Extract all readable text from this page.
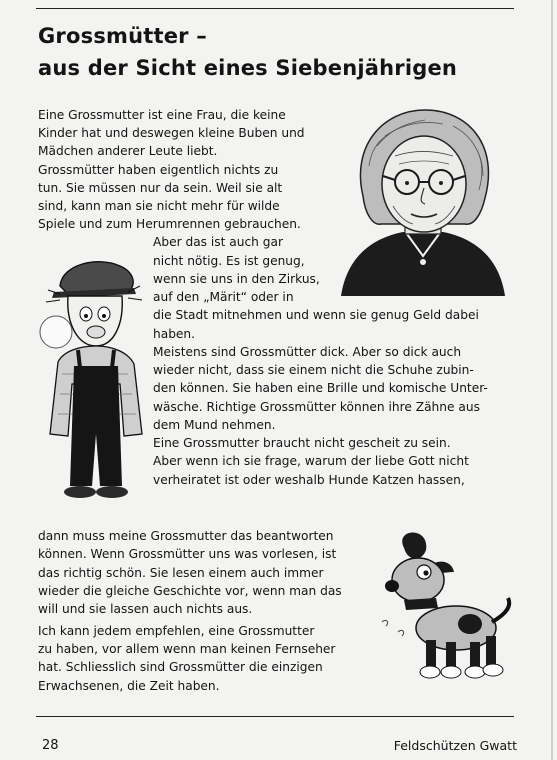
Grossmütter –
aus der Sicht eines Siebenjährigen

Eine Grossmutter ist eine Frau, die keine

Kinder hat und deswegen kleine Buben und

Mädchen anderer Leute liebt.

Grossmütter haben eigentlich nichts zu

tun. Sie müssen nur da sein. Weil sie alt

sind, kann man sie nicht mehr für wilde

Spiele und zum Herumrennen gebrauchen.

Aber das ist auch gar

nicht nötig. Es ist genug,

wenn sie uns in den Zirkus,

auf den „Märit“ oder in

die Stadt mitnehmen und wenn sie genug Geld dabei

haben.

Meistens sind Grossmütter dick. Aber so dick auch

wieder nicht, dass sie einem nicht die Schuhe zubin-

den können. Sie haben eine Brille und komische Unter-

wäsche. Richtige Grossmütter können ihre Zähne aus

dem Mund nehmen.

Eine Grossmutter braucht nicht gescheit zu sein.

Aber wenn ich sie frage, warum der liebe Gott nicht

verheiratet ist oder weshalb Hunde Katzen hassen,

dann muss meine Grossmutter das beantworten

können. Wenn Grossmütter uns was vorlesen, ist

das richtig schön. Sie lesen einem auch immer

wieder die gleiche Geschichte vor, wenn man das

will und sie lassen auch nichts aus.

Ich kann jedem empfehlen, eine Grossmutter

zu haben, vor allem wenn man keinen Fernseher

hat. Schliesslich sind Grossmütter die einzigen

Erwachsenen, die Zeit haben.

28	Feldschützen Gwatt
